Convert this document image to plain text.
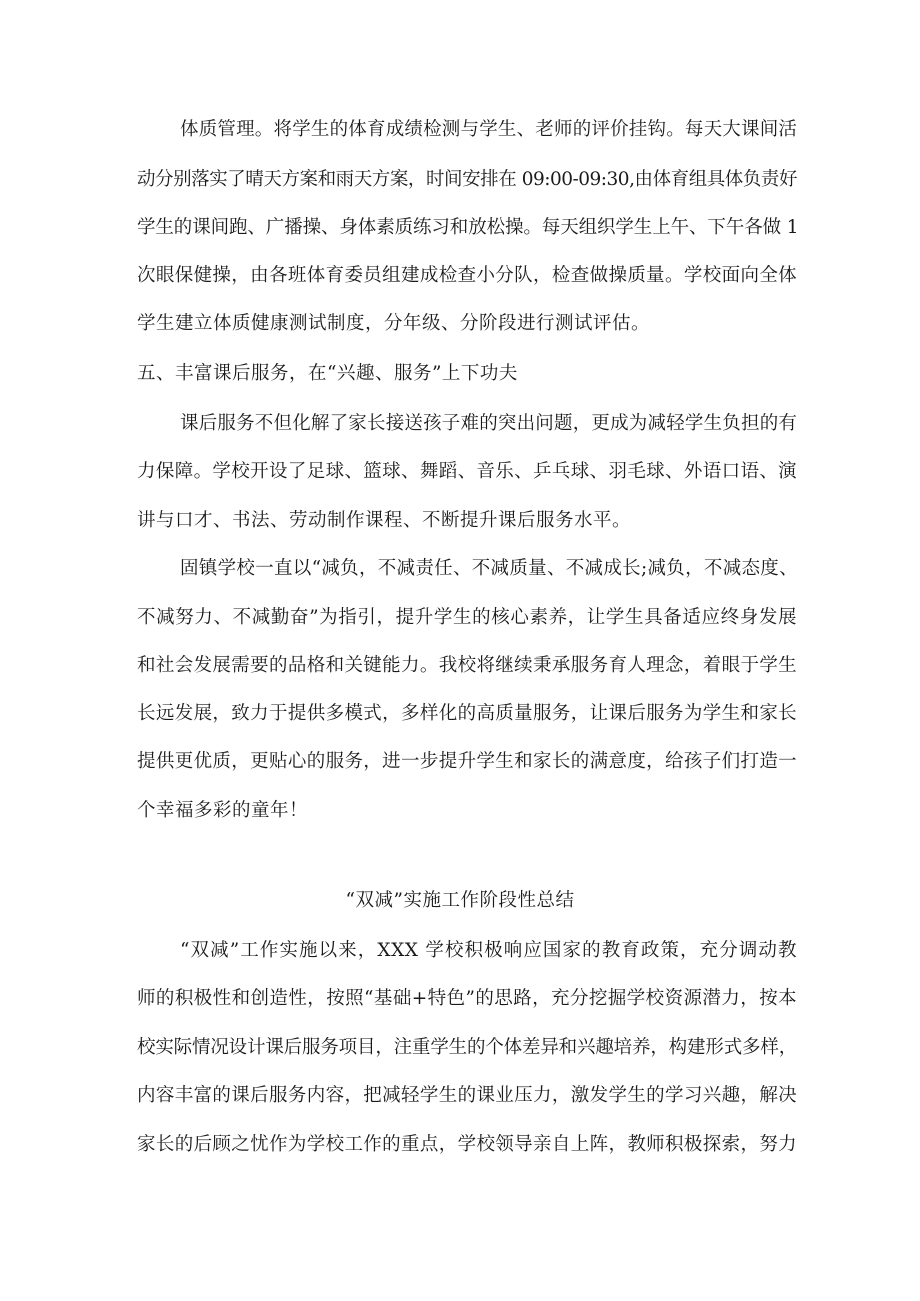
体质管理。将学生的体育成绩检测与学生、老师的评价挂钩。每天大课间活
动分别落实了晴天方案和雨天方案，时间安排在 09:00-09:30,由体育组具体负责好
学生的课间跑、广播操、身体素质练习和放松操。每天组织学生上午、下午各做 1
次眼保健操，由各班体育委员组建成检查小分队，检查做操质量。学校面向全体
学生建立体质健康测试制度，分年级、分阶段进行测试评估。
五、丰富课后服务，在“兴趣、服务”上下功夫
课后服务不但化解了家长接送孩子难的突出问题，更成为减轻学生负担的有
力保障。学校开设了足球、篮球、舞蹈、音乐、乒乓球、羽毛球、外语口语、演
讲与口才、书法、劳动制作课程、不断提升课后服务水平。
固镇学校一直以“减负，不减责任、不减质量、不减成长;减负，不减态度、
不减努力、不减勤奋”为指引，提升学生的核心素养，让学生具备适应终身发展
和社会发展需要的品格和关键能力。我校将继续秉承服务育人理念，着眼于学生
长远发展，致力于提供多模式，多样化的高质量服务，让课后服务为学生和家长
提供更优质，更贴心的服务，进一步提升学生和家长的满意度，给孩子们打造一
个幸福多彩的童年！
“双减”实施工作阶段性总结
“双减”工作实施以来，XXX 学校积极响应国家的教育政策，充分调动教
师的积极性和创造性，按照“基础+特色”的思路，充分挖掘学校资源潜力，按本
校实际情况设计课后服务项目，注重学生的个体差异和兴趣培养，构建形式多样，
内容丰富的课后服务内容，把减轻学生的课业压力，激发学生的学习兴趣，解决
家长的后顾之忧作为学校工作的重点，学校领导亲自上阵，教师积极探索，努力
